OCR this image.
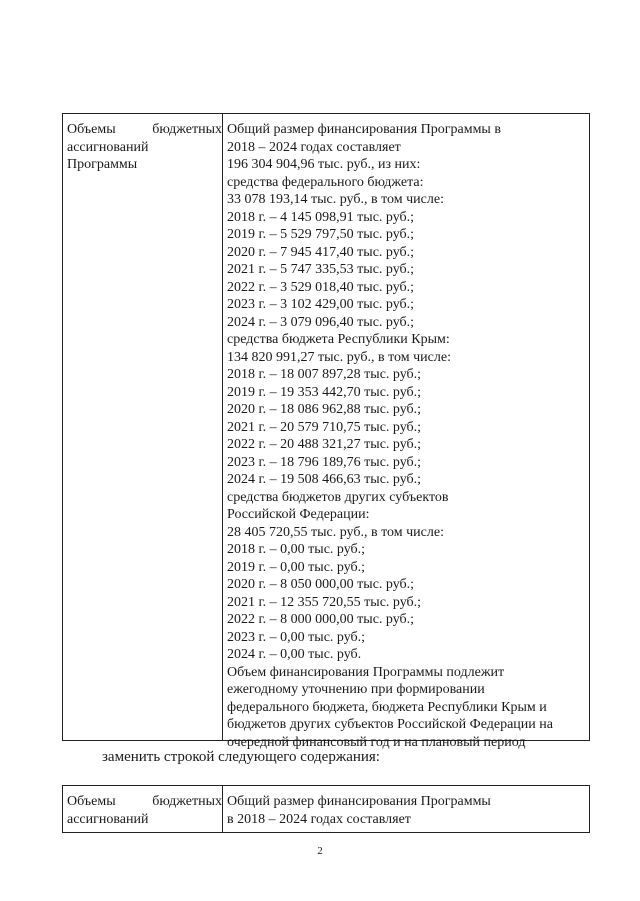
Объемы	бюджетных
ассигнований
Программы
Общий размер финансирования Программы в
2018 – 2024 годах составляет
196 304 904,96 тыс. руб., из них:
средства федерального бюджета:
33 078 193,14 тыс. руб., в том числе:
2018 г. – 4 145 098,91 тыс. руб.;
2019 г. – 5 529 797,50 тыс. руб.;
2020 г. – 7 945 417,40 тыс. руб.;
2021 г. – 5 747 335,53 тыс. руб.;
2022 г. – 3 529 018,40 тыс. руб.;
2023 г. – 3 102 429,00 тыс. руб.;
2024 г. – 3 079 096,40 тыс. руб.;
средства бюджета Республики Крым:
134 820 991,27 тыс. руб., в том числе:
2018 г. – 18 007 897,28 тыс. руб.;
2019 г. – 19 353 442,70 тыс. руб.;
2020 г. – 18 086 962,88 тыс. руб.;
2021 г. – 20 579 710,75 тыс. руб.;
2022 г. – 20 488 321,27 тыс. руб.;
2023 г. – 18 796 189,76 тыс. руб.;
2024 г. – 19 508 466,63 тыс. руб.;
средства бюджетов других субъектов
Российской Федерации:
28 405 720,55 тыс. руб., в том числе:
2018 г. – 0,00 тыс. руб.;
2019 г. – 0,00 тыс. руб.;
2020 г. – 8 050 000,00 тыс. руб.;
2021 г. – 12 355 720,55 тыс. руб.;
2022 г. – 8 000 000,00 тыс. руб.;
2023 г. – 0,00 тыс. руб.;
2024 г. – 0,00 тыс. руб.
Объем финансирования Программы подлежит
ежегодному уточнению при формировании
федерального бюджета, бюджета Республики Крым и
бюджетов других субъектов Российской Федерации на
очередной финансовый год и на плановый период
заменить строкой следующего содержания:
Объемы	бюджетных
ассигнований
Общий размер финансирования Программы
в 2018 – 2024 годах составляет
2
